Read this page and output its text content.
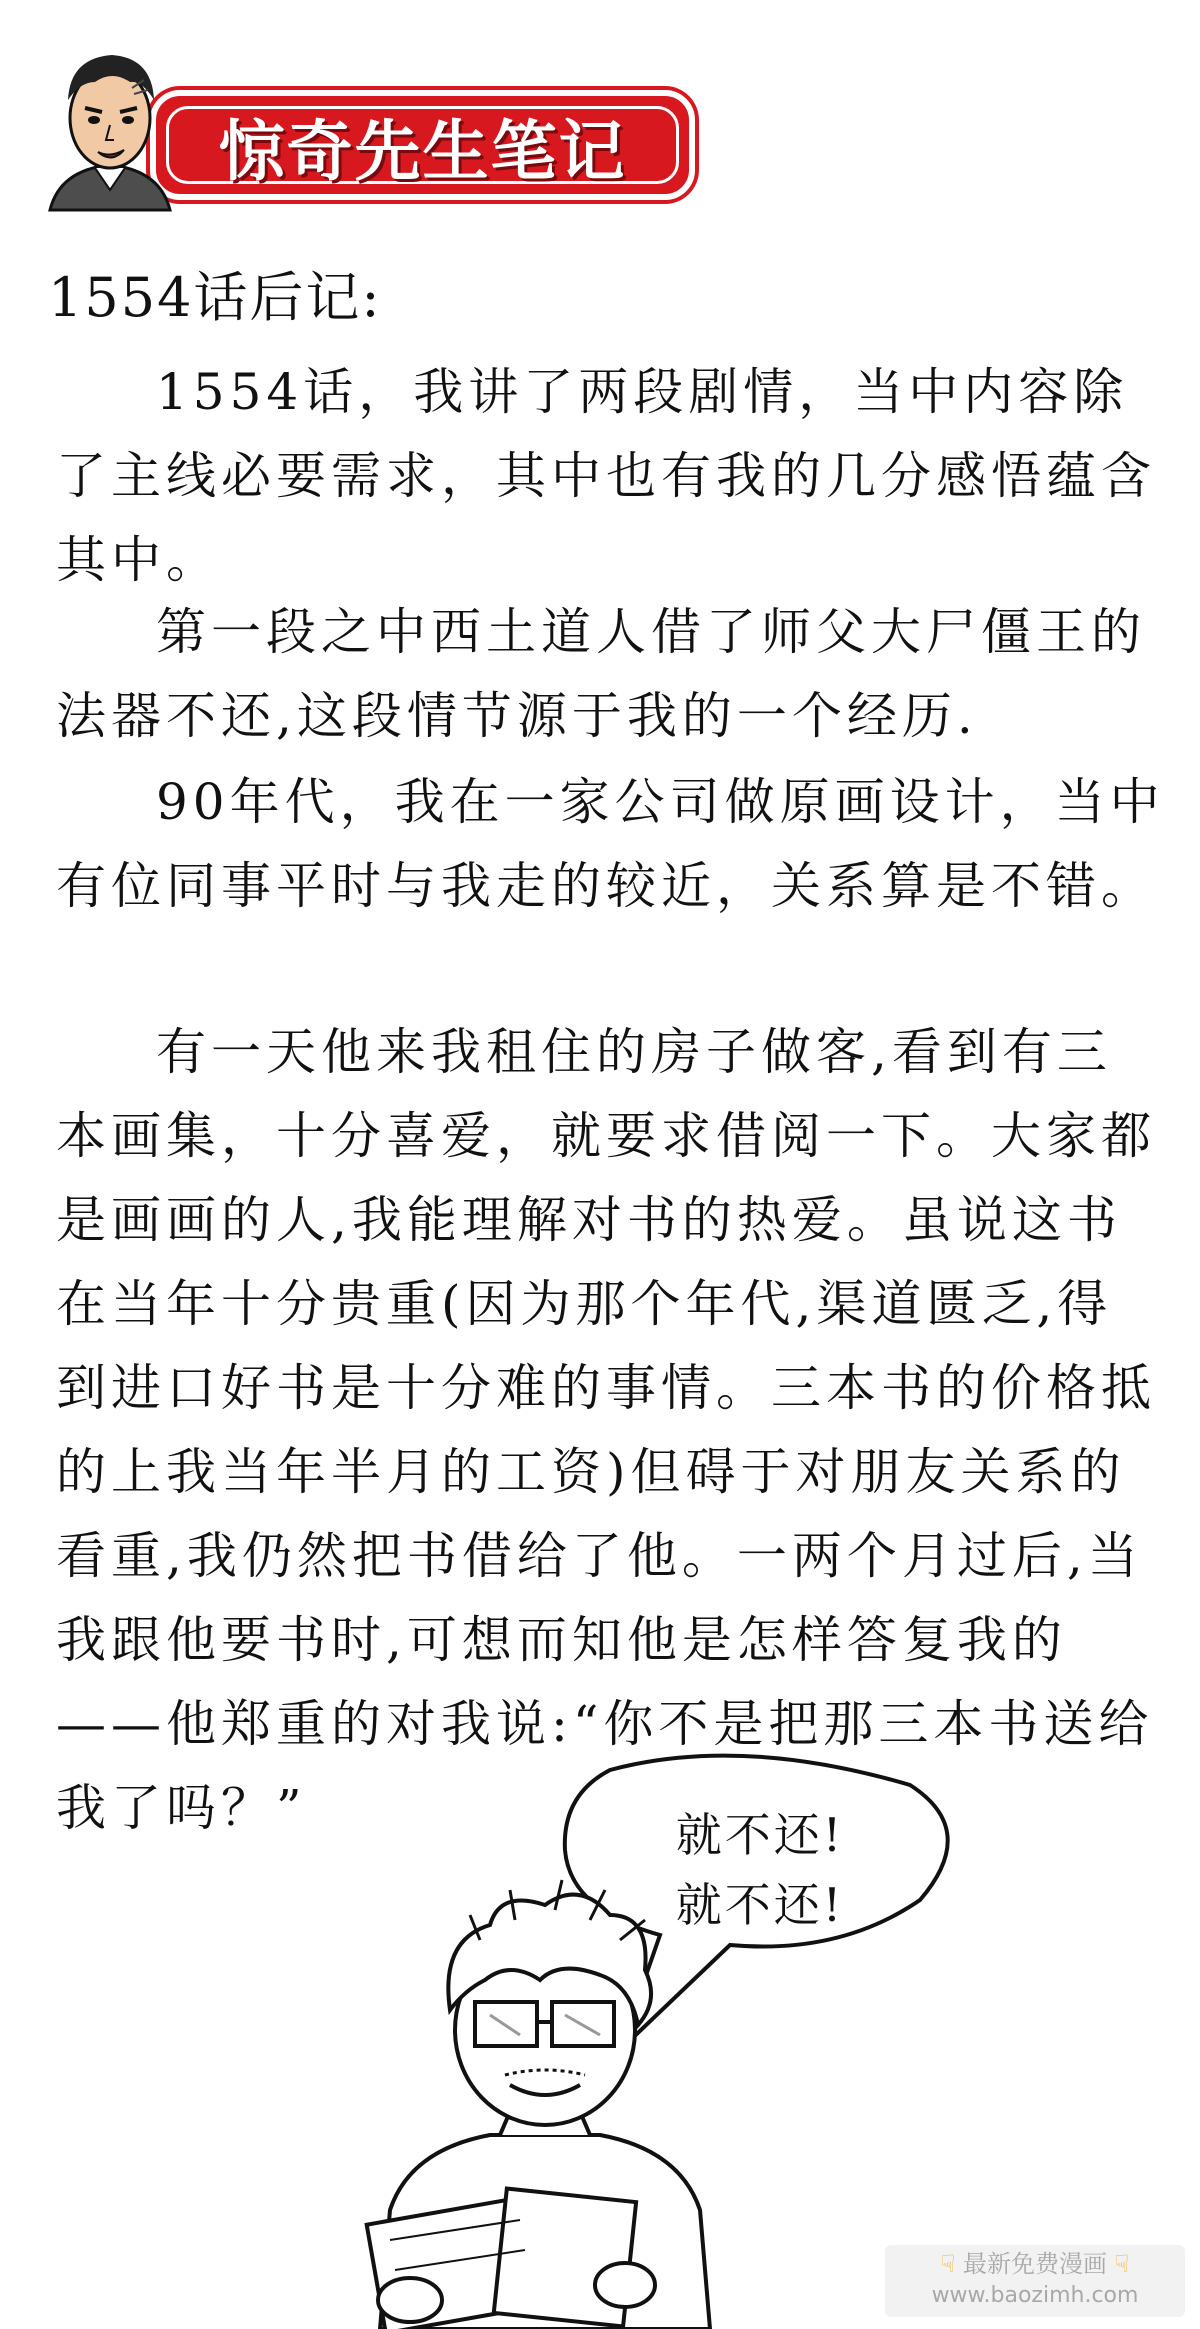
惊奇先生笔记
1554话后记:

1554话，我讲了两段剧情，当中内容除了主线必要需求，其中也有我的几分感悟蕴含其中。

第一段之中西土道人借了师父大尸僵王的法器不还,这段情节源于我的一个经历.

90年代，我在一家公司做原画设计，当中有位同事平时与我走的较近，关系算是不错。

有一天他来我租住的房子做客,看到有三本画集，十分喜爱，就要求借阅一下。大家都是画画的人,我能理解对书的热爱。虽说这书在当年十分贵重(因为那个年代,渠道匮乏,得到进口好书是十分难的事情。三本书的价格抵的上我当年半月的工资)但碍于对朋友关系的看重,我仍然把书借给了他。一两个月过后,当我跟他要书时,可想而知他是怎样答复我的——他郑重的对我说:“你不是把那三本书送给我了吗？”	就不还!
就不还!
☟ 最新免费漫画 ☟
www.baozimh.com
